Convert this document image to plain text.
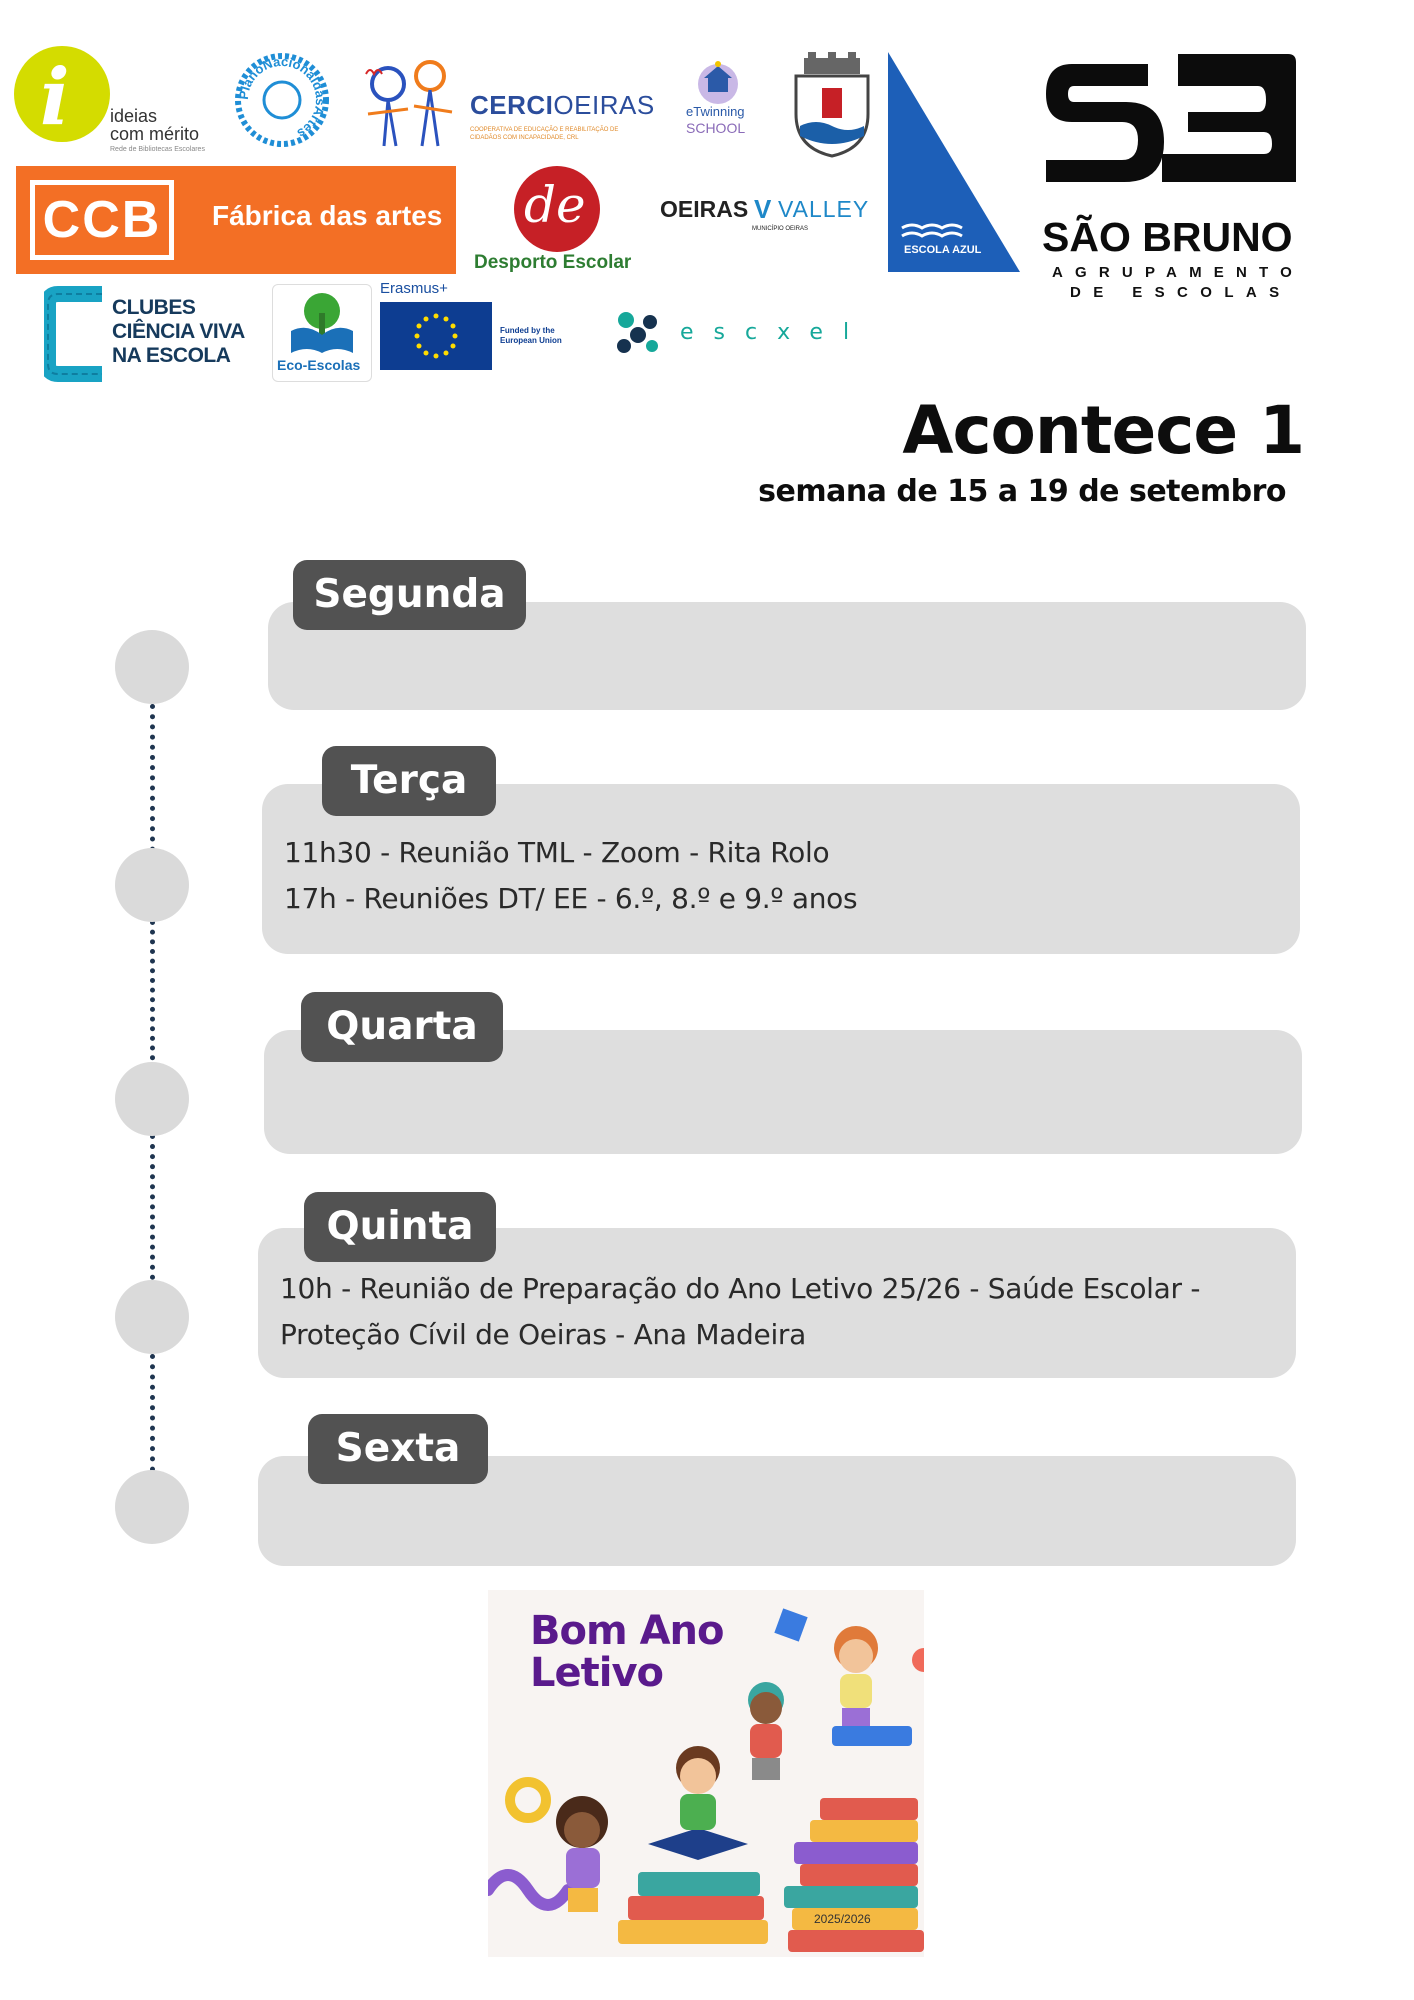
i ideias
com mérito
Rede de Bibliotecas Escolares
PlanoNacionaldasArtes
CERCIOEIRAS
COOPERATIVA DE EDUCAÇÃO E REABILITAÇÃO DE CIDADÃOS COM INCAPACIDADE, CRL
eTwinning
SCHOOL
ESCOLA AZUL SÃO BRUNO
AGRUPAMENTO
DE ESCOLAS
CCB	Fábrica das artes de
Desporto Escolar
OEIRAS V VALLEY
MUNICÍPIO OEIRAS
CLUBES
CIÊNCIA VIVA
NA ESCOLA	Eco-Escolas
Erasmus+
Funded by the
European Union	escxel
Acontece 1
semana de 15 a 19 de setembro
Segunda
11h30 - Reunião TML - Zoom - Rita Rolo
17h - Reuniões DT/ EE - 6.º, 8.º e 9.º anos
Terça
Quarta
10h - Reunião de Preparação do Ano Letivo 25/26 - Saúde Escolar -
Proteção Cívil de Oeiras - Ana Madeira
Quinta
Sexta
Bom Ano
Letivo
2025/2026
